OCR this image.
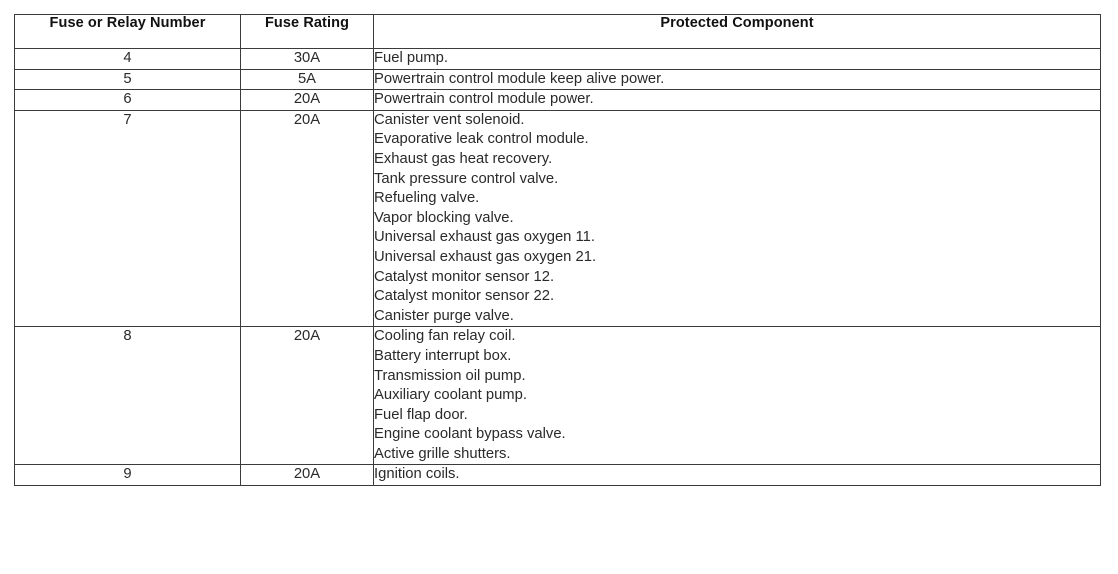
Fuse or Relay Number	Fuse Rating	Protected Component
4	30A	Fuel pump.

5	5A	Powertrain control module keep alive power.

6	20A	Powertrain control module power.

7	20A	Canister vent solenoid.
Evaporative leak control module.
Exhaust gas heat recovery.
Tank pressure control valve.
Refueling valve.
Vapor blocking valve.
Universal exhaust gas oxygen 11.
Universal exhaust gas oxygen 21.
Catalyst monitor sensor 12.
Catalyst monitor sensor 22.
Canister purge valve.

8	20A	Cooling fan relay coil.
Battery interrupt box.
Transmission oil pump.
Auxiliary coolant pump.
Fuel flap door.
Engine coolant bypass valve.
Active grille shutters.

9	20A	Ignition coils.
